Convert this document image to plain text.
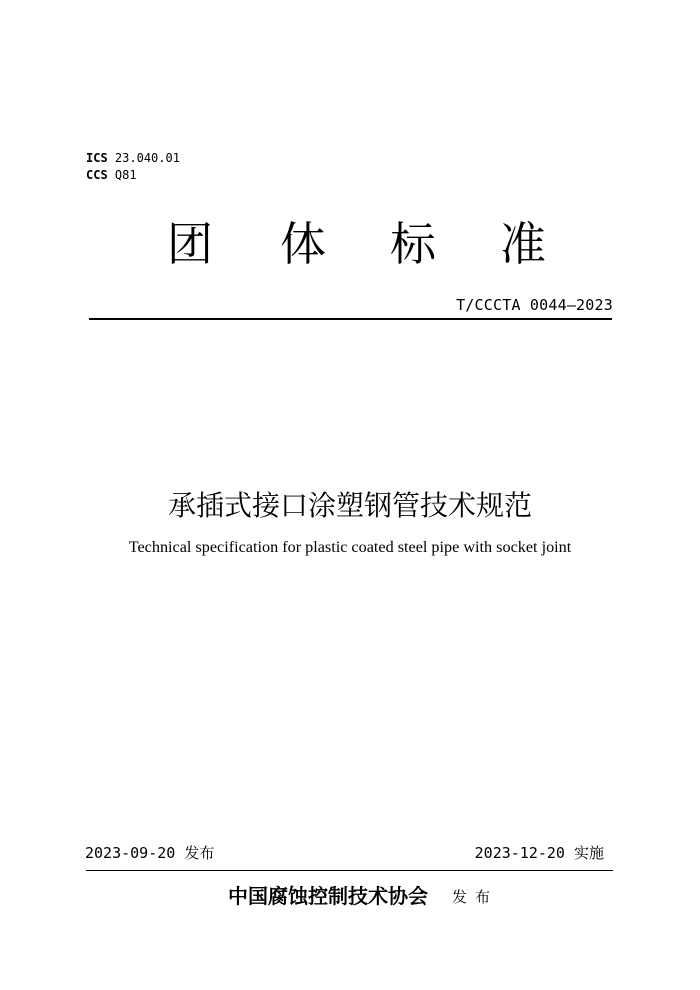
ICS 23.040.01
CCS Q81
团 体 标 准
T/CCCTA 0044—2023
承插式接口涂塑钢管技术规范
Technical specification for plastic coated steel pipe with socket joint
2023-09-20 发布	2023-12-20 实施
中国腐蚀控制技术协会 发布
